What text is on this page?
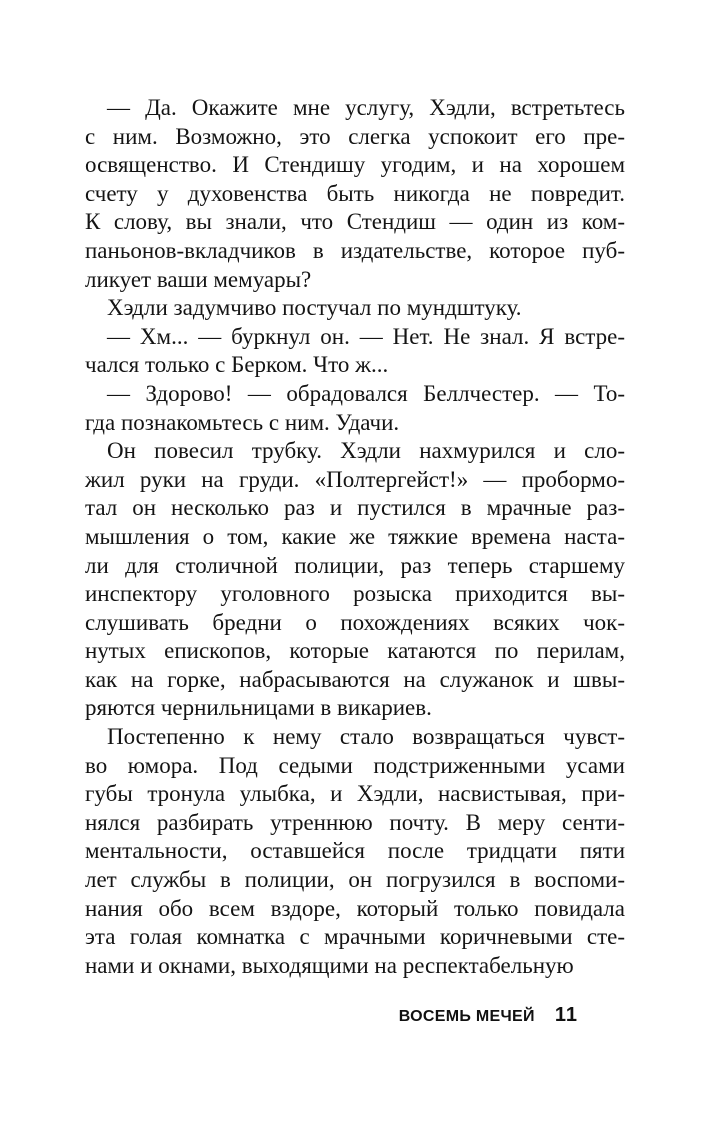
— Да. Окажите мне услугу, Хэдли, встретьтесь
с ним. Возможно, это слегка успокоит его пре-
освященство. И Стендишу угодим, и на хорошем
счету у духовенства быть никогда не повредит.
К слову, вы знали, что Стендиш — один из ком-
паньонов-вкладчиков в издательстве, которое пуб-
ликует ваши мемуары?
Хэдли задумчиво постучал по мундштуку.
— Хм... — буркнул он. — Нет. Не знал. Я встре-
чался только с Берком. Что ж...
— Здорово! — обрадовался Беллчестер. — То-
гда познакомьтесь с ним. Удачи.
Он повесил трубку. Хэдли нахмурился и сло-
жил руки на груди. «Полтергейст!» — пробормо-
тал он несколько раз и пустился в мрачные раз-
мышления о том, какие же тяжкие времена наста-
ли для столичной полиции, раз теперь старшему
инспектору уголовного розыска приходится вы-
слушивать бредни о похождениях всяких чок-
нутых епископов, которые катаются по перилам,
как на горке, набрасываются на служанок и швы-
ряются чернильницами в викариев.
Постепенно к нему стало возвращаться чувст-
во юмора. Под седыми подстриженными усами
губы тронула улыбка, и Хэдли, насвистывая, при-
нялся разбирать утреннюю почту. В меру сенти-
ментальности, оставшейся после тридцати пяти
лет службы в полиции, он погрузился в воспоми-
нания обо всем вздоре, который только повидала
эта голая комнатка с мрачными коричневыми сте-
нами и окнами, выходящими на респектабельную
ВОСЕМЬ МЕЧЕЙ 11
